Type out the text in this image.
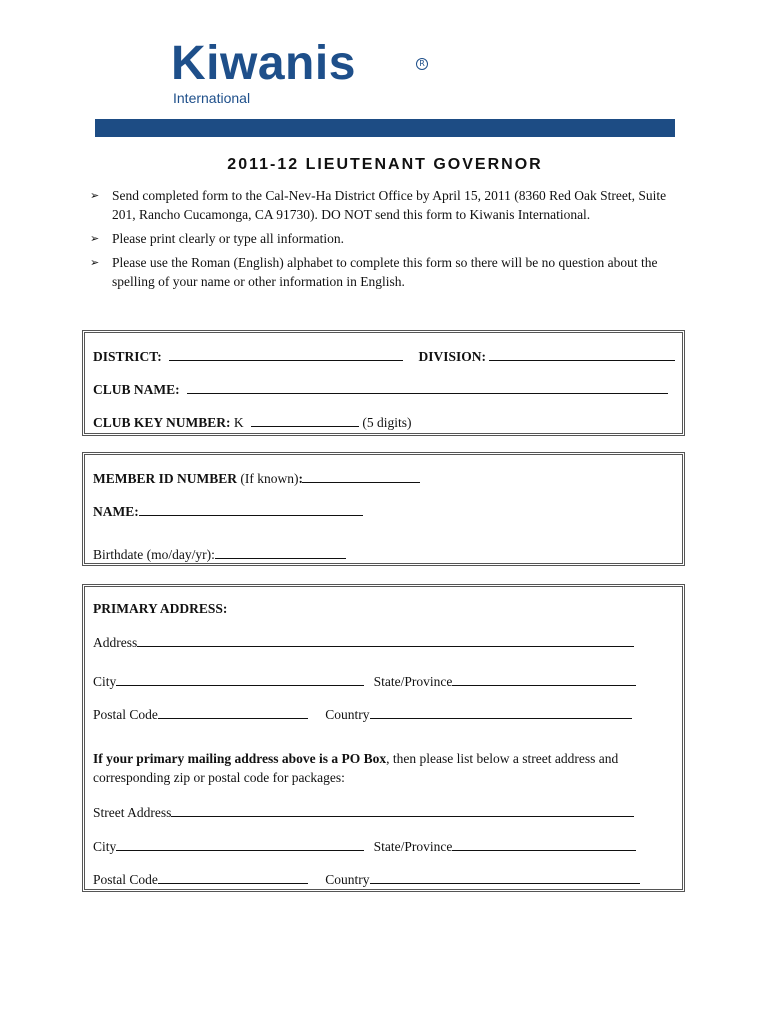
Kiwanis	R
International
2011-12 LIEUTENANT GOVERNOR
➢ Send completed form to the Cal-Nev-Ha District Office by April 15, 2011 (8360 Red Oak Street, Suite 201, Rancho Cucamonga, CA 91730). DO NOT send this form to Kiwanis International.
➢ Please print clearly or type all information.
➢ Please use the Roman (English) alphabet to complete this form so there will be no question about the spelling of your name or other information in English.
DISTRICT:	DIVISION:
CLUB NAME:
CLUB KEY NUMBER: K	(5 digits)
MEMBER ID NUMBER (If known):
NAME:
Birthdate (mo/day/yr):
PRIMARY ADDRESS:
Address
City	State/Province
Postal Code	Country
If your primary mailing address above is a PO Box, then please list below a street address and corresponding zip or postal code for packages:
Street Address
City	State/Province
Postal Code	Country
